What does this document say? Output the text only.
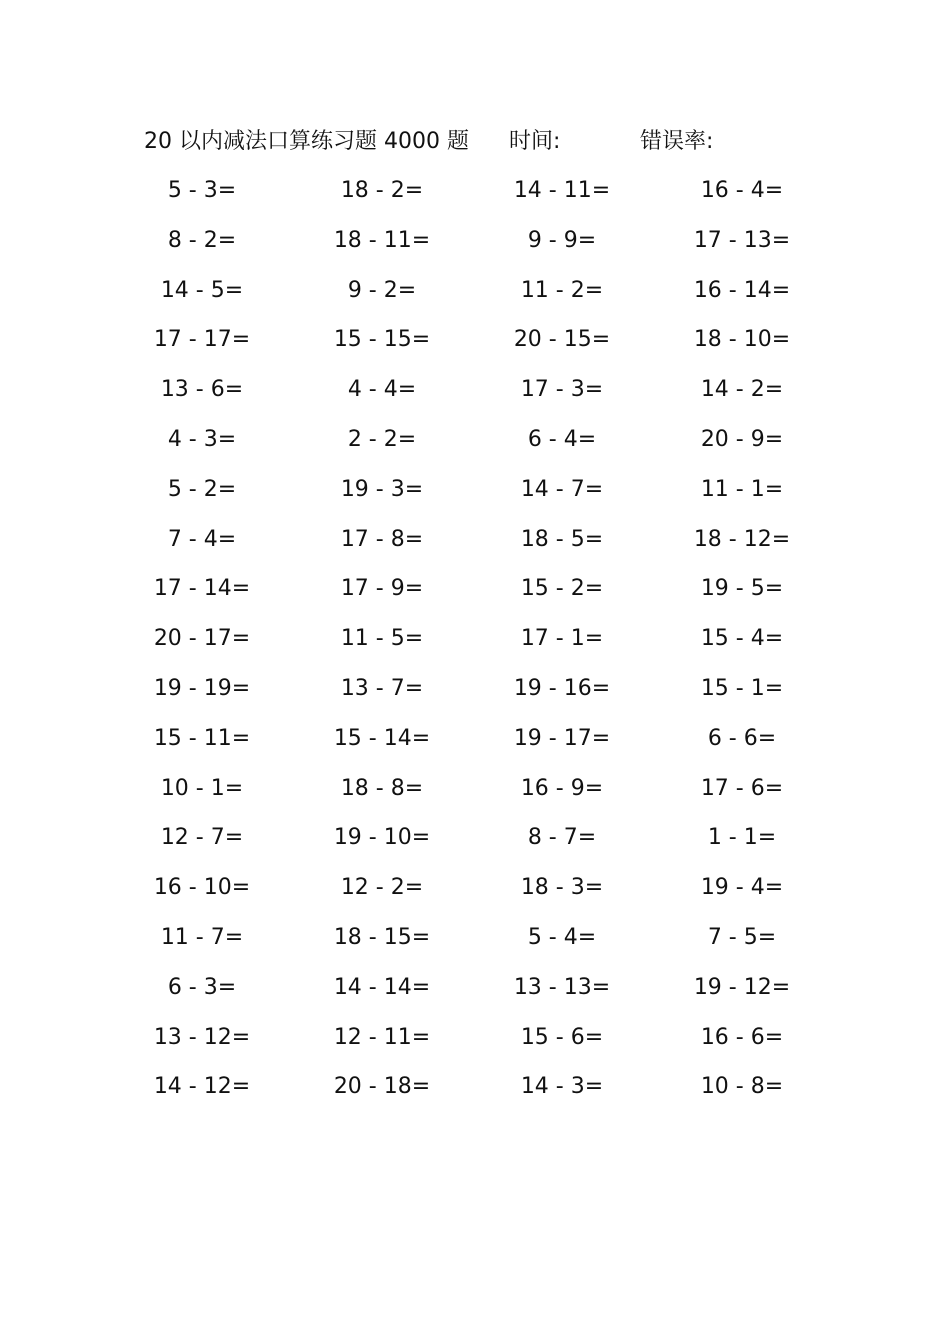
20 以内减法口算练习题 4000 题 时间:	错误率:
5 - 3=	18 - 2=	14 - 11=	16 - 4=
8 - 2=	18 - 11=	9 - 9=	17 - 13=
14 - 5=	9 - 2=	11 - 2=	16 - 14=
17 - 17=	15 - 15=	20 - 15=	18 - 10=
13 - 6=	4 - 4=	17 - 3=	14 - 2=
4 - 3=	2 - 2=	6 - 4=	20 - 9=
5 - 2=	19 - 3=	14 - 7=	11 - 1=
7 - 4=	17 - 8=	18 - 5=	18 - 12=
17 - 14=	17 - 9=	15 - 2=	19 - 5=
20 - 17=	11 - 5=	17 - 1=	15 - 4=
19 - 19=	13 - 7=	19 - 16=	15 - 1=
15 - 11=	15 - 14=	19 - 17=	6 - 6=
10 - 1=	18 - 8=	16 - 9=	17 - 6=
12 - 7=	19 - 10=	8 - 7=	1 - 1=
16 - 10=	12 - 2=	18 - 3=	19 - 4=
11 - 7=	18 - 15=	5 - 4=	7 - 5=
6 - 3=	14 - 14=	13 - 13=	19 - 12=
13 - 12=	12 - 11=	15 - 6=	16 - 6=
14 - 12=	20 - 18=	14 - 3=	10 - 8=
